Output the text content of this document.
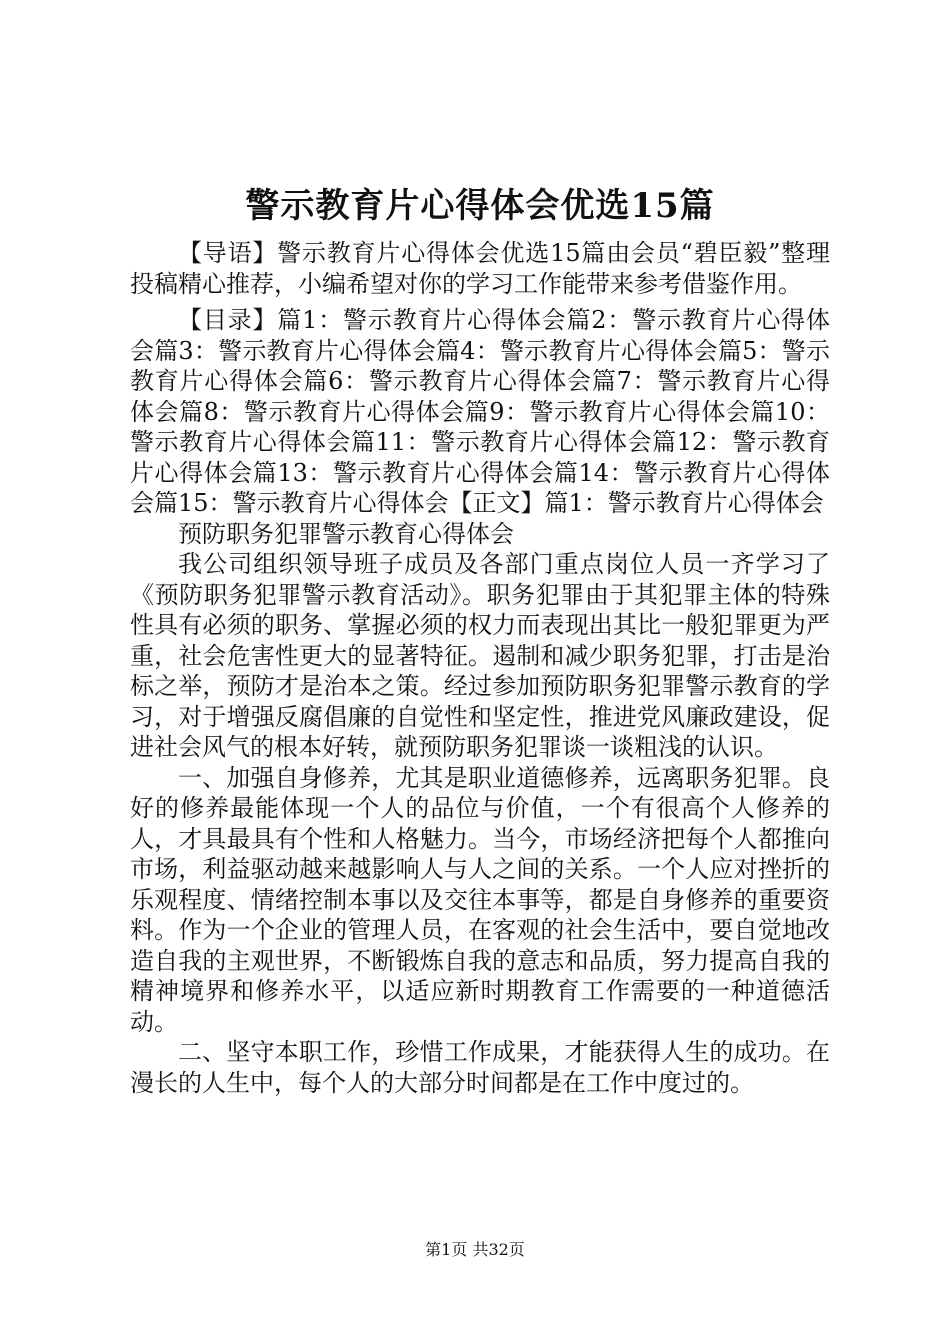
警示教育片心得体会优选15篇

【导语】警示教育片心得体会优选15篇由会员“碧臣毅”整理投稿精心推荐，小编希望对你的学习工作能带来参考借鉴作用。

【目录】篇1：警示教育片心得体会篇2：警示教育片心得体会篇3：警示教育片心得体会篇4：警示教育片心得体会篇5：警示教育片心得体会篇6：警示教育片心得体会篇7：警示教育片心得体会篇8：警示教育片心得体会篇9：警示教育片心得体会篇10：警示教育片心得体会篇11：警示教育片心得体会篇12：警示教育片心得体会篇13：警示教育片心得体会篇14：警示教育片心得体会篇15：警示教育片心得体会【正文】篇1：警示教育片心得体会

预防职务犯罪警示教育心得体会

我公司组织领导班子成员及各部门重点岗位人员一齐学习了《预防职务犯罪警示教育活动》。职务犯罪由于其犯罪主体的特殊性具有必须的职务、掌握必须的权力而表现出其比一般犯罪更为严重，社会危害性更大的显著特征。遏制和减少职务犯罪，打击是治标之举，预防才是治本之策。经过参加预防职务犯罪警示教育的学习，对于增强反腐倡廉的自觉性和坚定性，推进党风廉政建设，促进社会风气的根本好转，就预防职务犯罪谈一谈粗浅的认识。

一、加强自身修养，尤其是职业道德修养，远离职务犯罪。良好的修养最能体现一个人的品位与价值，一个有很高个人修养的人，才具最具有个性和人格魅力。当今，市场经济把每个人都推向市场，利益驱动越来越影响人与人之间的关系。一个人应对挫折的乐观程度、情绪控制本事以及交往本事等，都是自身修养的重要资料。作为一个企业的管理人员，在客观的社会生活中，要自觉地改造自我的主观世界，不断锻炼自我的意志和品质，努力提高自我的精神境界和修养水平，以适应新时期教育工作需要的一种道德活动。

二、坚守本职工作，珍惜工作成果，才能获得人生的成功。在漫长的人生中，每个人的大部分时间都是在工作中度过的。

第1页 共32页
